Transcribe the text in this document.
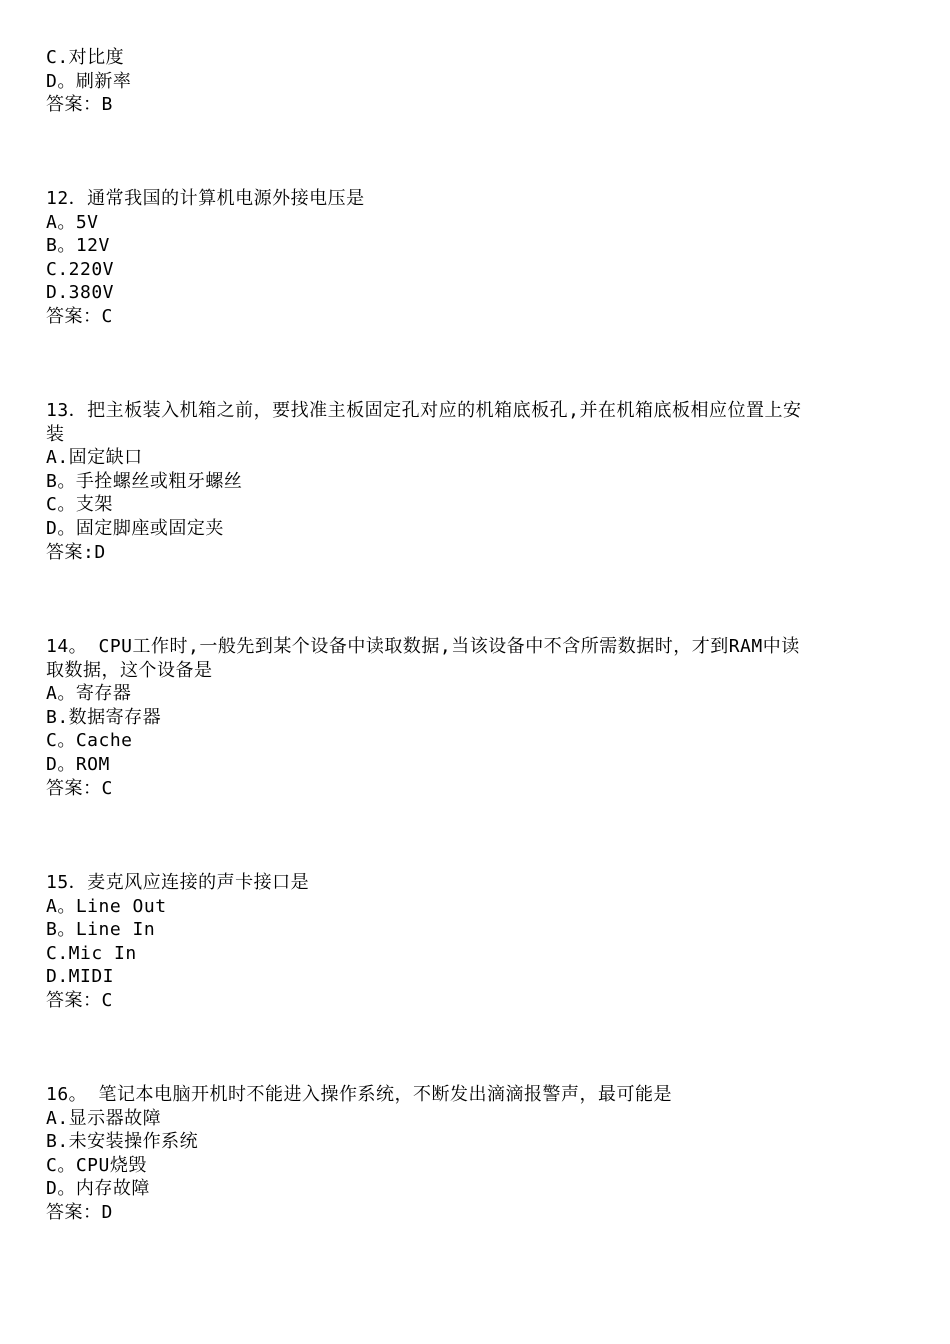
C.对比度
D。刷新率
答案：B
12．通常我国的计算机电源外接电压是
A。5V
B。12V
C.220V
D.380V
答案：C
13．把主板装入机箱之前，要找准主板固定孔对应的机箱底板孔,并在机箱底板相应位置上安
装
A.固定缺口
B。手拴螺丝或粗牙螺丝
C。支架
D。固定脚座或固定夹
答案:D
14。 CPU工作时,一般先到某个设备中读取数据,当该设备中不含所需数据时，才到RAM中读
取数据，这个设备是
A。寄存器
B.数据寄存器
C。Cache
D。ROM
答案：C
15．麦克风应连接的声卡接口是
A。Line Out
B。Line In
C.Mic In
D.MIDI
答案：C
16。 笔记本电脑开机时不能进入操作系统，不断发出滴滴报警声，最可能是
A.显示器故障
B.未安装操作系统
C。CPU烧毁
D。内存故障
答案：D
